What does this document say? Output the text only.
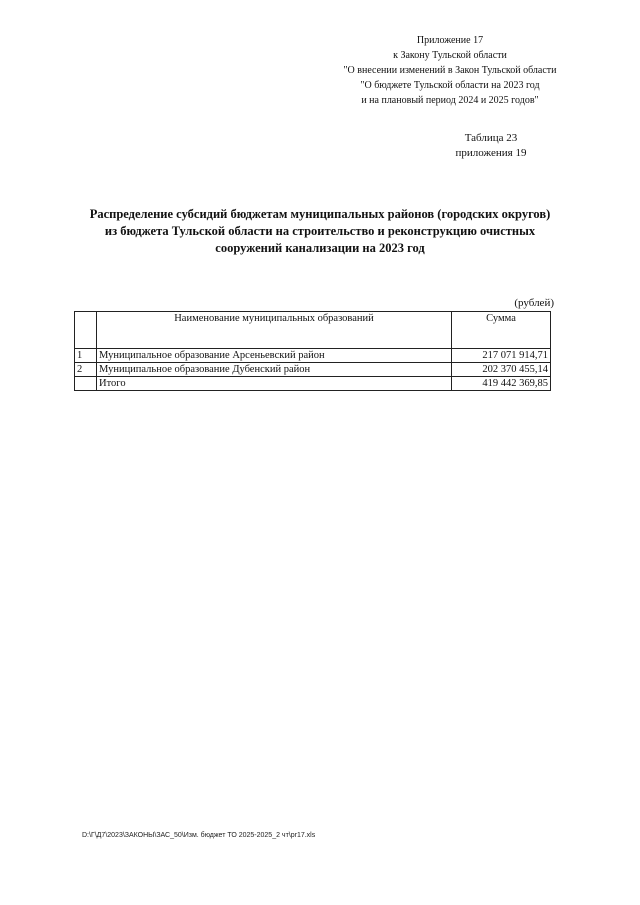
Приложение 17
к Закону Тульской области
"О внесении изменений в Закон Тульской области
"О бюджете Тульской области на 2023 год
и на плановый период 2024 и 2025 годов"
Таблица 23
приложения 19
Распределение субсидий бюджетам муниципальных районов (городских округов)
из бюджета Тульской области на строительство и реконструкцию очистных
сооружений канализации на 2023 год
(рублей)
	Наименование муниципальных образований	Сумма
1	Муниципальное образование Арсеньевский район	217 071 914,71
2	Муниципальное образование Дубенский район	202 370 455,14
	Итого	419 442 369,85
D:\Г\Д7\2023\ЗАКОНЫ\ЗАС_50\Изм. бюджет ТО 2025-2025_2 чт\pr17.xls
